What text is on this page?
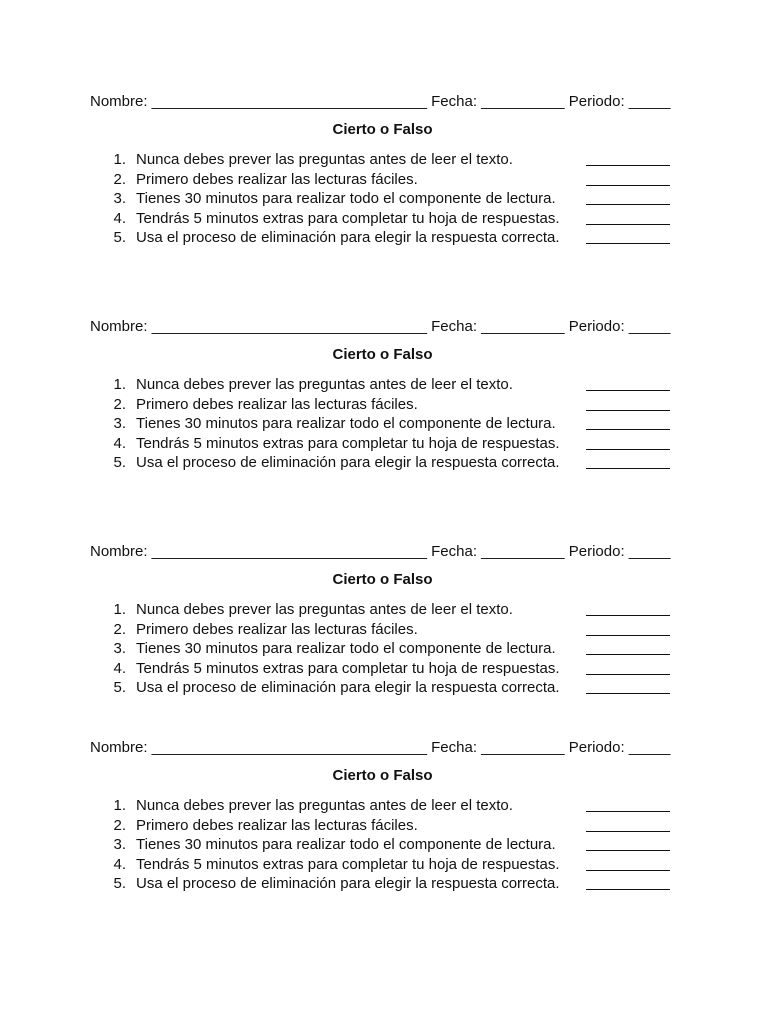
Nombre: _________________________________ Fecha: __________ Periodo: _____
Cierto o Falso
1. Nunca debes prever las preguntas antes de leer el texto.
2. Primero debes realizar las lecturas fáciles.
3. Tienes 30 minutos para realizar todo el componente de lectura.
4. Tendrás 5 minutos extras para completar tu hoja de respuestas.
5. Usa el proceso de eliminación para elegir la respuesta correcta.
Nombre: _________________________________ Fecha: __________ Periodo: _____
Cierto o Falso
1. Nunca debes prever las preguntas antes de leer el texto.
2. Primero debes realizar las lecturas fáciles.
3. Tienes 30 minutos para realizar todo el componente de lectura.
4. Tendrás 5 minutos extras para completar tu hoja de respuestas.
5. Usa el proceso de eliminación para elegir la respuesta correcta.
Nombre: _________________________________ Fecha: __________ Periodo: _____
Cierto o Falso
1. Nunca debes prever las preguntas antes de leer el texto.
2. Primero debes realizar las lecturas fáciles.
3. Tienes 30 minutos para realizar todo el componente de lectura.
4. Tendrás 5 minutos extras para completar tu hoja de respuestas.
5. Usa el proceso de eliminación para elegir la respuesta correcta.
Nombre: _________________________________ Fecha: __________ Periodo: _____
Cierto o Falso
1. Nunca debes prever las preguntas antes de leer el texto.
2. Primero debes realizar las lecturas fáciles.
3. Tienes 30 minutos para realizar todo el componente de lectura.
4. Tendrás 5 minutos extras para completar tu hoja de respuestas.
5. Usa el proceso de eliminación para elegir la respuesta correcta.
